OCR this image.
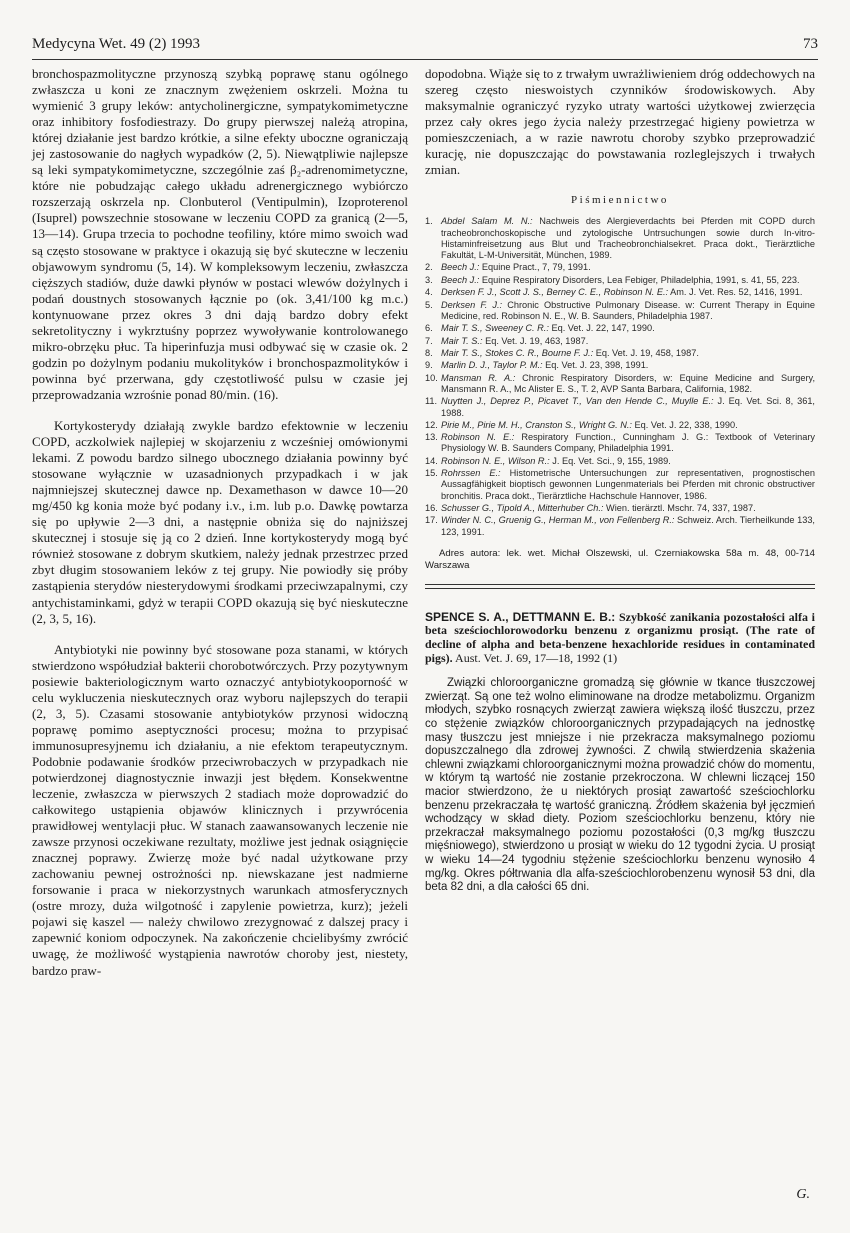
Medycyna Wet. 49 (2) 1993	73

bronchospazmolityczne przynoszą szybką poprawę stanu ogólnego zwłaszcza u koni ze znacznym zwężeniem oskrzeli. Można tu wymienić 3 grupy leków: antycholinergiczne, sympatykomimetyczne oraz inhibitory fosfodiestrazy. Do grupy pierwszej należą atropina, której działanie jest bardzo krótkie, a silne efekty uboczne ograniczają jej zastosowanie do nagłych wypadków (2, 5). Niewątpliwie najlepsze są leki sympatykomimetyczne, szczególnie zaś β₂-adrenomimetyczne, które nie pobudzając całego układu adrenergicznego wybiórczo rozszerzają oskrzela np. Clonbuterol (Ventipulmin), Izoproterenol (Isuprel) powszechnie stosowane w leczeniu COPD za granicą (2—5, 13—14). Grupa trzecia to pochodne teofiliny, które mimo swoich wad są często stosowane w praktyce i okazują się być skuteczne w leczeniu objawowym syndromu (5, 14). W kompleksowym leczeniu, zwłaszcza cięższych stadiów, duże dawki płynów w postaci wlewów dożylnych i podań doustnych stosowanych łącznie po (ok. 3,41/100 kg m.c.) kontynuowane przez okres 3 dni dają bardzo dobry efekt sekretolityczny i wykrztuśny poprzez wywoływanie kontrolowanego mikro-obrzęku płuc. Ta hiperinfuzja musi odbywać się w czasie ok. 2 godzin po dożylnym podaniu mukolityków i bronchospazmolityków i powinna być przerwana, gdy częstotliwość pulsu w czasie jej przeprowadzania wzrośnie ponad 80/min. (16).

Kortykosterydy działają zwykle bardzo efektownie w leczeniu COPD, aczkolwiek najlepiej w skojarzeniu z wcześniej omówionymi lekami. Z powodu bardzo silnego ubocznego działania powinny być stosowane wyłącznie w uzasadnionych przypadkach i w jak najmniejszej skutecznej dawce np. Dexamethason w dawce 10—20 mg/450 kg konia może być podany i.v., i.m. lub p.o. Dawkę powtarza się po upływie 2—3 dni, a następnie obniża się do najniższej skutecznej i stosuje się ją co 2 dzień. Inne kortykosterydy mogą być również stosowane z dobrym skutkiem, należy jednak przestrzec przed zbyt długim stosowaniem leków z tej grupy. Nie powiodły się próby zastąpienia sterydów niesterydowymi środkami przeciwzapalnymi, czy antychistaminkami, gdyż w terapii COPD okazują się być nieskuteczne (2, 3, 5, 16).

Antybiotyki nie powinny być stosowane poza stanami, w których stwierdzono współudział bakterii chorobotwórczych. Przy pozytywnym posiewie bakteriologicznym warto oznaczyć antybiotykooporność w celu wykluczenia nieskutecznych oraz wyboru najlepszych do terapii (2, 3, 5). Czasami stosowanie antybiotyków przynosi widoczną poprawę pomimo aseptyczności procesu; można to przypisać immunosupresyjnemu ich działaniu, a nie efektom terapeutycznym. Podobnie podawanie środków przeciwrobaczych w przypadkach nie potwierdzonej diagnostycznie inwazji jest błędem. Konsekwentne leczenie, zwłaszcza w pierwszych 2 stadiach może doprowadzić do całkowitego ustąpienia objawów klinicznych i przywrócenia prawidłowej wentylacji płuc. W stanach zaawansowanych leczenie nie zawsze przynosi oczekiwane rezultaty, możliwe jest jednak osiągnięcie znacznej poprawy. Zwierzę może być nadal użytkowane przy zachowaniu pewnej ostrożności np. niewskazane jest nadmierne forsowanie i praca w niekorzystnych warunkach atmosferycznych (ostre mrozy, duża wilgotność i zapylenie powietrza, kurz); jeżeli pojawi się kaszel — należy chwilowo zrezygnować z dalszej pracy i zapewnić koniom odpoczynek. Na zakończenie chcielibyśmy zwrócić uwagę, że możliwość wystąpienia nawrotów choroby jest, niestety, bardzo praw-

dopodobna. Wiąże się to z trwałym uwrażliwieniem dróg oddechowych na szereg często nieswoistych czynników środowiskowych. Aby maksymalnie ograniczyć ryzyko utraty wartości użytkowej zwierzęcia przez cały okres jego życia należy przestrzegać higieny powietrza w pomieszczeniach, a w razie nawrotu choroby szybko przeprowadzić kurację, nie dopuszczając do powstawania rozleglejszych i trwałych zmian.

Piśmiennictwo
1. Abdel Salam M. N.: Nachweis des Alergieverdachts bei Pferden mit COPD durch tracheobronchoskopische und zytologische Untrsuchungen sowie durch In-vitro-Histaminfreisetzung aus Blut und Tracheobronchialsekret. Praca dokt., Tierärztliche Fakultät, L-M-Universität, München, 1989.
2. Beech J.: Equine Pract., 7, 79, 1991.
3. Beech J.: Equine Respiratory Disorders, Lea Febiger, Philadelphia, 1991, s. 41, 55, 223.
4. Derksen F. J., Scott J. S., Berney C. E., Robinson N. E.: Am. J. Vet. Res. 52, 1416, 1991.
5. Derksen F. J.: Chronic Obstructive Pulmonary Disease. w: Current Therapy in Equine Medicine, red. Robinson N. E., W. B. Saunders, Philadelphia 1987.
6. Mair T. S., Sweeney C. R.: Eq. Vet. J. 22, 147, 1990.
7. Mair T. S.: Eq. Vet. J. 19, 463, 1987.
8. Mair T. S., Stokes C. R., Bourne F. J.: Eq. Vet. J. 19, 458, 1987.
9. Marlin D. J., Taylor P. M.: Eq. Vet. J. 23, 398, 1991.
10. Mansman R. A.: Chronic Respiratory Disorders, w: Equine Medicine and Surgery, Mansmann R. A., Mc Alister E. S., T. 2, AVP Santa Barbara, California, 1982.
11. Nuytten J., Deprez P., Picavet T., Van den Hende C., Muylle E.: J. Eq. Vet. Sci. 8, 361, 1988.
12. Pirie M., Pirie M. H., Cranston S., Wright G. N.: Eq. Vet. J. 22, 338, 1990.
13. Robinson N. E.: Respiratory Function., Cunningham J. G.: Textbook of Veterinary Physiology W. B. Saunders Company, Philadelphia 1991.
14. Robinson N. E., Wilson R.: J. Eq. Vet. Sci., 9, 155, 1989.
15. Rohrssen E.: Histometrische Untersuchungen zur representativen, prognostischen Aussagfähigkeit bioptisch gewonnen Lungenmaterials bei Pferden mit chronic obstructiver bronchitis. Praca dokt., Tierärztliche Hachschule Hannover, 1986.
16. Schusser G., Tipold A., Mitterhuber Ch.: Wien. tierärztl. Mschr. 74, 337, 1987.
17. Winder N. C., Gruenig G., Herman M., von Fellenberg R.: Schweiz. Arch. Tierheilkunde 133, 123, 1991.
Adres autora: lek. wet. Michał Olszewski, ul. Czerniakowska 58a m. 48, 00-714 Warszawa
SPENCE S. A., DETTMANN E. B.: Szybkość zanikania pozostałości alfa i beta sześciochlorowodorku benzenu z organizmu prosiąt. (The rate of decline of alpha and beta-benzene hexachloride residues in contaminated pigs). Aust. Vet. J. 69, 17—18, 1992 (1)

Związki chloroorganiczne gromadzą się głównie w tkance tłuszczowej zwierząt. Są one też wolno eliminowane na drodze metabolizmu. Organizm młodych, szybko rosnących zwierząt zawiera większą ilość tłuszczu, przez co stężenie związków chloroorganicznych przypadających na jednostkę masy tłuszczu jest mniejsze i nie przekracza maksymalnego poziomu dopuszczalnego dla zdrowej żywności. Z chwilą stwierdzenia skażenia chlewni związkami chloroorganicznymi można prowadzić chów do momentu, w którym tą wartość nie zostanie przekroczona. W chlewni liczącej 150 macior stwierdzono, że u niektórych prosiąt zawartość sześciochlorku benzenu przekraczała tę wartość graniczną. Źródłem skażenia był jęczmień wchodzący w skład diety. Poziom sześciochlorku benzenu, który nie przekraczał maksymalnego poziomu pozostałości (0,3 mg/kg tłuszczu mięśniowego), stwierdzono u prosiąt w wieku do 12 tygodni życia. U prosiąt w wieku 14—24 tygodniu stężenie sześciochlorku benzenu wynosiło 4 mg/kg. Okres półtrwania dla alfa-sześciochlorobenzenu wynosił 53 dni, dla beta 82 dni, a dla całości 65 dni.

G.
